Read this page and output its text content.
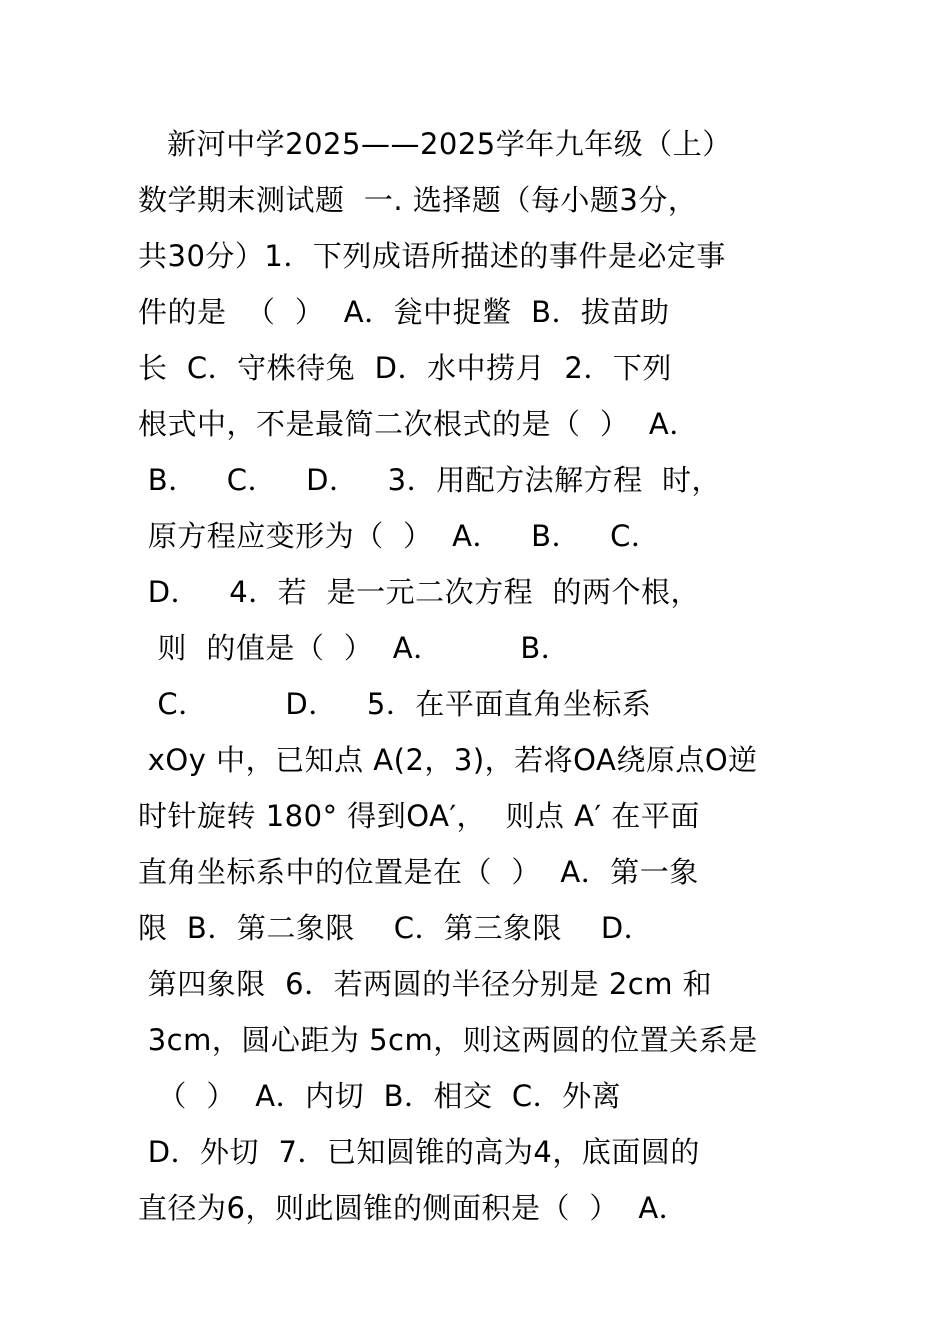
新河中学2025——2025学年九年级（上）
数学期末测试题  一. 选择题（每小题3分，
共30分）1．下列成语所描述的事件是必定事
件的是  （  ）  A．瓮中捉鳖  B．拔苗助
长  C．守株待兔  D．水中捞月  2．下列
根式中，不是最简二次根式的是（  ）  A．
B．   C．   D．   3．用配方法解方程  时，
原方程应变形为（  ）  A．   B．   C．
D．   4．若  是一元二次方程  的两个根，
则  的值是（  ）  A．        B．
C．        D．   5．在平面直角坐标系
xOy 中，已知点 A(2，3)，若将OA绕原点O逆
时针旋转 180° 得到OA′，  则点 A′ 在平面
直角坐标系中的位置是在（  ）  A．第一象
限  B．第二象限    C．第三象限    D．
第四象限  6．若两圆的半径分别是 2cm 和
3cm，圆心距为 5cm，则这两圆的位置关系是
（  ）  A．内切  B．相交  C．外离
D．外切  7．已知圆锥的高为4，底面圆的
直径为6，则此圆锥的侧面积是（  ）  A．
